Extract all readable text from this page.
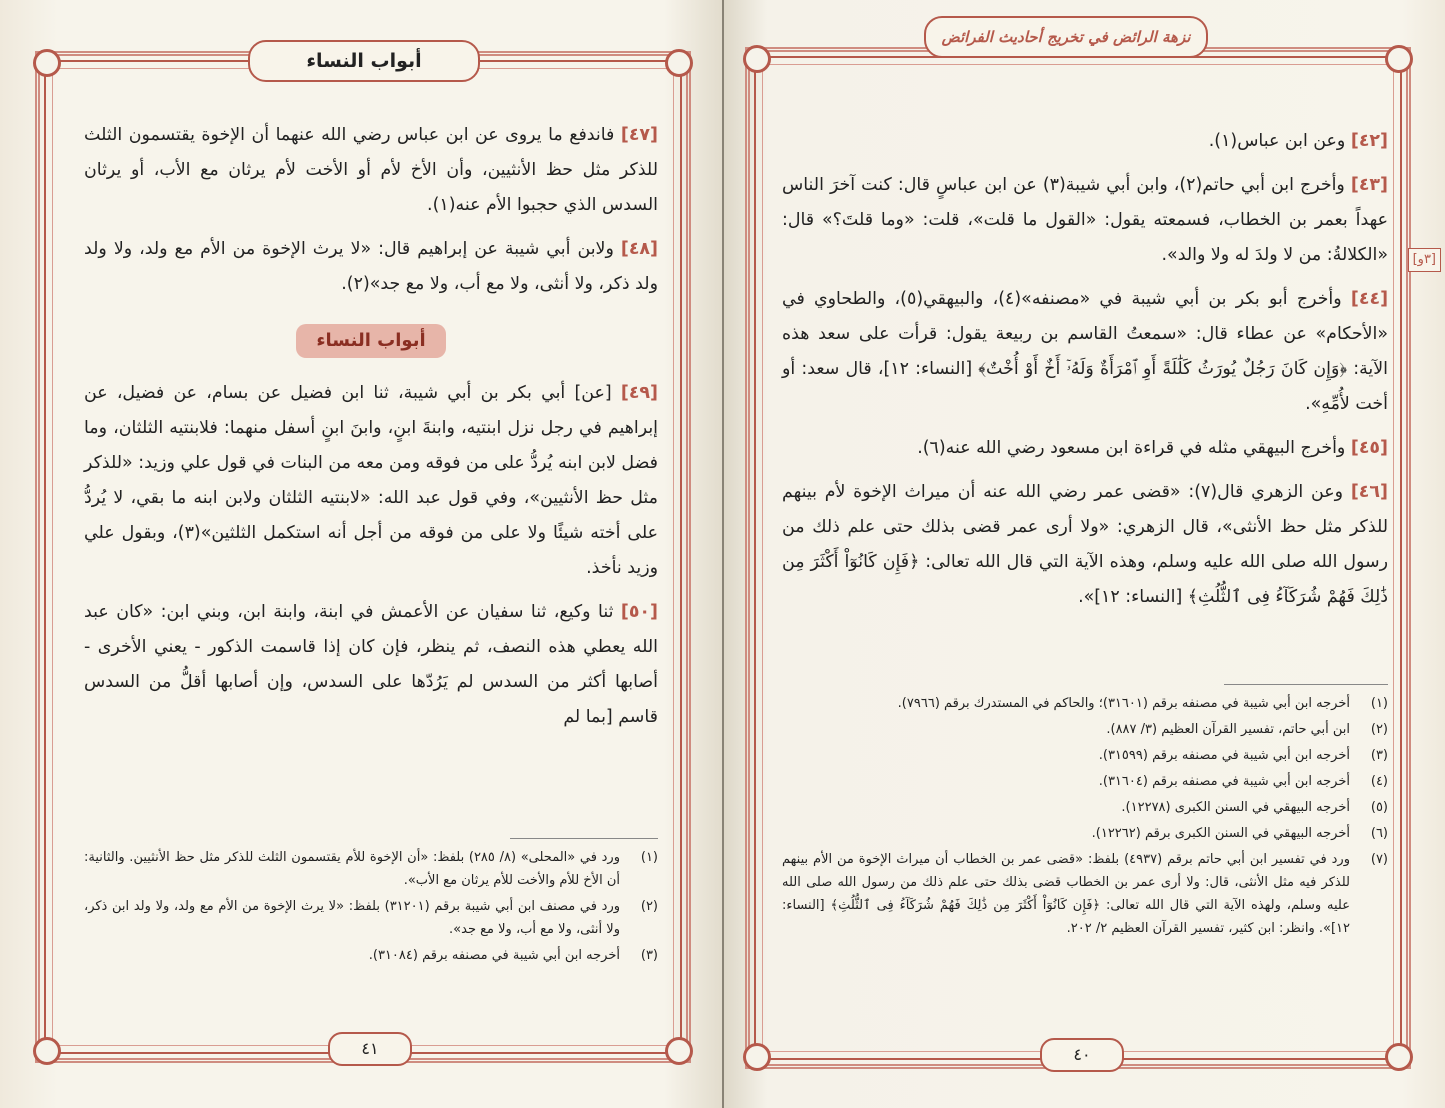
أبواب النساء

[٤٧] فاندفع ما يروى عن ابن عباس رضي الله عنهما أن الإخوة يقتسمون الثلث للذكر مثل حظ الأنثيين، وأن الأخ لأم أو الأخت لأم يرثان مع الأب، أو يرثان السدس الذي حجبوا الأم عنه(١).

[٤٨] ولابن أبي شيبة عن إبراهيم قال: «لا يرث الإخوة من الأم مع ولد، ولا ولد ولد ذكر، ولا أنثى، ولا مع أب، ولا مع جد»(٢).

أبواب النساء

[٤٩] [عن] أبي بكر بن أبي شيبة، ثنا ابن فضيل عن بسام، عن فضيل، عن إبراهيم في رجل نزل ابنتيه، وابنةَ ابنٍ، وابنَ ابنٍ أسفل منهما: فلابنتيه الثلثان، وما فضل لابن ابنه يُردُّ على من فوقه ومن معه من البنات في قول علي وزيد: «للذكر مثل حظ الأنثيين»، وفي قول عبد الله: «لابنتيه الثلثان ولابن ابنه ما بقي، لا يُردُّ على أخته شيئًا ولا على من فوقه من أجل أنه استكمل الثلثين»(٣)، وبقول علي وزيد نأخذ.

[٥٠] ثنا وكيع، ثنا سفيان عن الأعمش في ابنة، وابنة ابن، وبني ابن: «كان عبد الله يعطي هذه النصف، ثم ينظر، فإن كان إذا قاسمت الذكور - يعني الأخرى - أصابها أكثر من السدس لم يَرُدّها على السدس، وإن أصابها أقلُّ من السدس قاسم [بما لم

(١)
ورد في «المحلى» (٨/ ٢٨٥) بلفظ: «أن الإخوة للأم يقتسمون الثلث للذكر مثل حظ الأنثيين. والثانية: أن الأخ للأم والأخت للأم يرثان مع الأب».
(٢)
ورد في مصنف ابن أبي شيبة برقم (٣١٢٠١) بلفظ: «لا يرث الإخوة من الأم مع ولد، ولا ولد ابن ذكر، ولا أنثى، ولا مع أب، ولا مع جد».
(٣)
أخرجه ابن أبي شيبة في مصنفه برقم (٣١٠٨٤).
٤١
نزهة الرائض في تخريج أحاديث الفرائض
[٣و]

[٤٢] وعن ابن عباس(١).

[٤٣] وأخرج ابن أبي حاتم(٢)، وابن أبي شيبة(٣) عن ابن عباسٍ قال: كنت آخرَ الناس عهداً بعمر بن الخطاب، فسمعته يقول: «القول ما قلت»، قلت: «وما قلتَ؟» قال: «الكلالةُ: من لا ولدَ له ولا والد».

[٤٤] وأخرج أبو بكر بن أبي شيبة في «مصنفه»(٤)، والبيهقي(٥)، والطحاوي في «الأحكام» عن عطاء قال: «سمعتُ القاسم بن ربيعة يقول: قرأت على سعد هذه الآية: ﴿وَإِن كَانَ رَجُلٌ يُورَثُ كَلَٰلَةً أَوِ ٱمْرَأَةٌ وَلَهُۥٓ أَخٌ أَوْ أُخْتٌ﴾ [النساء: ١٢]، قال سعد: أو أخت لأُمِّهِ».

[٤٥] وأخرج البيهقي مثله في قراءة ابن مسعود رضي الله عنه(٦).

[٤٦] وعن الزهري قال(٧): «قضى عمر رضي الله عنه أن ميراث الإخوة لأم بينهم للذكر مثل حظ الأنثى»، قال الزهري: «ولا أرى عمر قضى بذلك حتى علم ذلك من رسول الله صلى الله عليه وسلم، وهذه الآية التي قال الله تعالى: ﴿فَإِن كَانُوٓاْ أَكْثَرَ مِن ذَٰلِكَ فَهُمْ شُرَكَآءُ فِى ٱلثُّلُثِ﴾ [النساء: ١٢]».

(١)
أخرجه ابن أبي شيبة في مصنفه برقم (٣١٦٠١)؛ والحاكم في المستدرك برقم (٧٩٦٦).
(٢)
ابن أبي حاتم، تفسير القرآن العظيم (٣/ ٨٨٧).
(٣)
أخرجه ابن أبي شيبة في مصنفه برقم (٣١٥٩٩).
(٤)
أخرجه ابن أبي شيبة في مصنفه برقم (٣١٦٠٤).
(٥)
أخرجه البيهقي في السنن الكبرى (١٢٢٧٨).
(٦)
أخرجه البيهقي في السنن الكبرى برقم (١٢٢٦٢).
(٧)
ورد في تفسير ابن أبي حاتم برقم (٤٩٣٧) بلفظ: «قضى عمر بن الخطاب أن ميراث الإخوة من الأم بينهم للذكر فيه مثل الأنثى، قال: ولا أرى عمر بن الخطاب قضى بذلك حتى علم ذلك من رسول الله صلى الله عليه وسلم، ولهذه الآية التي قال الله تعالى: ﴿فَإِن كَانُوٓاْ أَكْثَرَ مِن ذَٰلِكَ فَهُمْ شُرَكَآءُ فِى ٱلثُّلُثِ﴾ [النساء: ١٢]». وانظر: ابن كثير، تفسير القرآن العظيم ٢/ ٢٠٢.
٤٠
